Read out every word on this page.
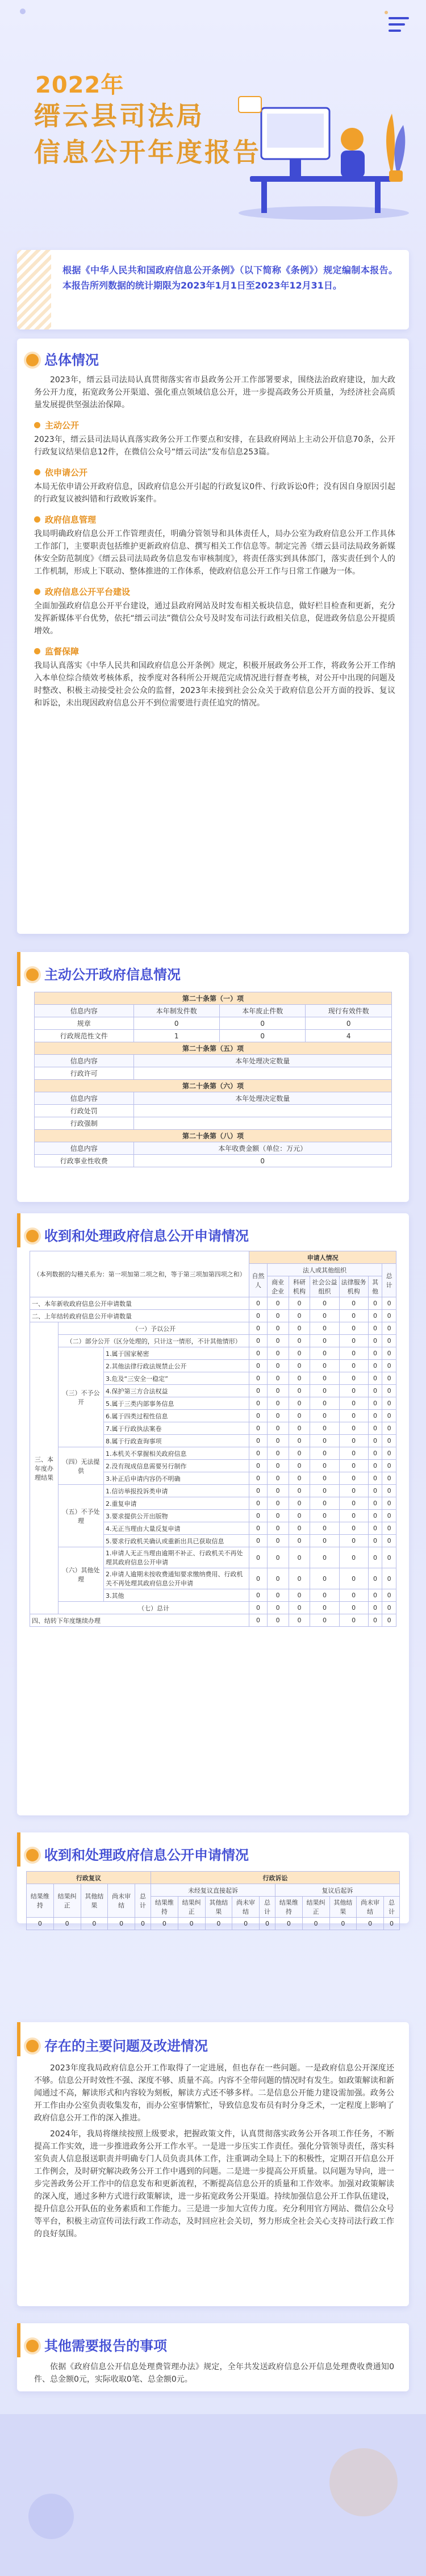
2022年
缙云县司法局
信息公开年度报告

根据《中华人民共和国政府信息公开条例》（以下简称《条例》）规定编制本报告。本报告所列数据的统计期限为2023年1月1日至2023年12月31日。

总体情况

2023年，缙云县司法局认真贯彻落实省市县政务公开工作部署要求，围绕法治政府建设，加大政务公开力度，拓宽政务公开渠道、强化重点领域信息公开，进一步提高政务公开质量，为经济社会高质量发展提供坚强法治保障。

主动公开

2023年，缙云县司法局认真落实政务公开工作要点和安排，在县政府网站上主动公开信息70条，公开行政复议结果信息12件，在微信公众号“缙云司法”发布信息253篇。

依申请公开

本局无依申请公开政府信息，因政府信息公开引起的行政复议0件、行政诉讼0件；没有因自身原因引起的行政复议被纠错和行政败诉案件。

政府信息管理

我局明确政府信息公开工作管理责任，明确分管领导和具体责任人，局办公室为政府信息公开工作具体工作部门，主要职责包括维护更新政府信息、撰写相关工作信息等。制定完善《缙云县司法局政务新媒体安全防范制度》《缙云县司法局政务信息发布审核制度》，将责任落实到具体部门，落实责任到个人的工作机制，形成上下联动、整体推进的工作体系，使政府信息公开工作与日常工作融为一体。

政府信息公开平台建设

全面加强政府信息公开平台建设，通过县政府网站及时发布相关板块信息，做好栏目检查和更新，充分发挥新媒体平台优势，依托“缙云司法”微信公众号及时发布司法行政相关信息，促进政务信息公开提质增效。

监督保障

我局认真落实《中华人民共和国政府信息公开条例》规定，积极开展政务公开工作，将政务公开工作纳入本单位综合绩效考核体系，按季度对各科所公开规范完成情况进行督查考核，对公开中出现的问题及时整改、积极主动接受社会公众的监督，2023年未接到社会公众关于政府信息公开方面的投诉、复议和诉讼，未出现因政府信息公开不到位需要进行责任追究的情况。

主动公开政府信息情况
第二十条第（一）项			
信息内容	本年制发件数	本年废止件数	现行有效件数
规章	0	0	0
行政规范性文件	1	0	4
第二十条第（五）项			
信息内容	本年处理决定数量		
行政许可			
第二十条第（六）项			
信息内容	本年处理决定数量		
行政处罚			
行政强制			
第二十条第（八）项			
信息内容	本年收费金额（单位：万元）		
行政事业性收费	0		
收到和处理政府信息公开申请情况
（本列数据的勾稽关系为：第一项加第二项之和，等于第三项加第四项之和）			申请人情况						
			自然人	法人或其他组织					总计
				商业企业	科研机构	社会公益组织	法律服务机构	其他	
一、本年新收政府信息公开申请数量			0	0	0	0	0	0	0
二、上年结转政府信息公开申请数量			0	0	0	0	0	0	0
三、本年度办理结果	（一）予以公开		0	0	0	0	0	0	0
	（二）部分公开（区分处理的，只计这一情形，不计其他情形）		0	0	0	0	0	0	0
	（三）不予公开	1.属于国家秘密	0	0	0	0	0	0	0
		2.其他法律行政法规禁止公开	0	0	0	0	0	0	0
		3.危及“三安全一稳定”	0	0	0	0	0	0	0
		4.保护第三方合法权益	0	0	0	0	0	0	0
		5.属于三类内部事务信息	0	0	0	0	0	0	0
		6.属于四类过程性信息	0	0	0	0	0	0	0
		7.属于行政执法案卷	0	0	0	0	0	0	0
		8.属于行政查询事项	0	0	0	0	0	0	0
	（四）无法提供	1.本机关不掌握相关政府信息	0	0	0	0	0	0	0
		2.没有现成信息需要另行制作	0	0	0	0	0	0	0
		3.补正后申请内容仍不明确	0	0	0	0	0	0	0
	（五）不予处理	1.信访举报投诉类申请	0	0	0	0	0	0	0
		2.重复申请	0	0	0	0	0	0	0
		3.要求提供公开出版物	0	0	0	0	0	0	0
		4.无正当理由大量反复申请	0	0	0	0	0	0	0
		5.要求行政机关确认或重新出具已获取信息	0	0	0	0	0	0	0
	（六）其他处理	1.申请人无正当理由逾期不补正、行政机关不再处理其政府信息公开申请	0	0	0	0	0	0	0
		2.申请人逾期未按收费通知要求缴纳费用、行政机关不再处理其政府信息公开申请	0	0	0	0	0	0	0
		3.其他	0	0	0	0	0	0	0
	（七）总计		0	0	0	0	0	0	0
四、结转下年度继续办理			0	0	0	0	0	0	0
收到和处理政府信息公开申请情况
行政复议					行政诉讼									
结果维持	结果纠正	其他结果	尚未审结	总计	未经复议直接起诉					复议后起诉				
					结果维持	结果纠正	其他结果	尚未审结	总计	结果维持	结果纠正	其他结果	尚未审结	总计
0	0	0	0	0	0	0	0	0	0	0	0	0	0	0
存在的主要问题及改进情况

2023年度我局政府信息公开工作取得了一定进展，但也存在一些问题。一是政府信息公开深度还不够。信息公开时效性不强、深度不够、质量不高。内容不全带问题的情况时有发生。如政策解读和新闻通过不高，解读形式和内容较为刻板，解读方式还不够多样。二是信息公开能力建设需加强。政务公开工作由办公室负责收集发布，而办公室事情繁忙，导致信息发布员有时分身乏术，一定程度上影响了政府信息公开工作的深入推进。

2024年，我局将继续按照上级要求，把握政策文件，认真贯彻落实政务公开各项工作任务，不断提高工作实效，进一步推进政务公开工作水平。一是进一步压实工作责任。强化分管领导责任，落实科室负责人信息报送职责并明确专门人员负责具体工作，注重调动全局上下的积极性，定期召开信息公开工作例会，及时研究解决政务公开工作中遇到的问题。二是进一步提高公开质量。以问题为导向，进一步完善政务公开工作中的信息发布和更新流程，不断提高信息公开的质量和工作效率。加强对政策解读的深入度，通过多种方式进行政策解读，进一步拓宽政务公开渠道。持续加强信息公开工作队伍建设，提升信息公开队伍的业务素质和工作能力。三是进一步加大宣传力度。充分利用官方网站、微信公众号等平台，积极主动宣传司法行政工作动态，及时回应社会关切，努力形成全社会关心支持司法行政工作的良好氛围。

其他需要报告的事项

依据《政府信息公开信息处理费管理办法》规定，全年共发送政府信息公开信息处理费收费通知0件、总金额0元，实际收取0笔、总金额0元。
